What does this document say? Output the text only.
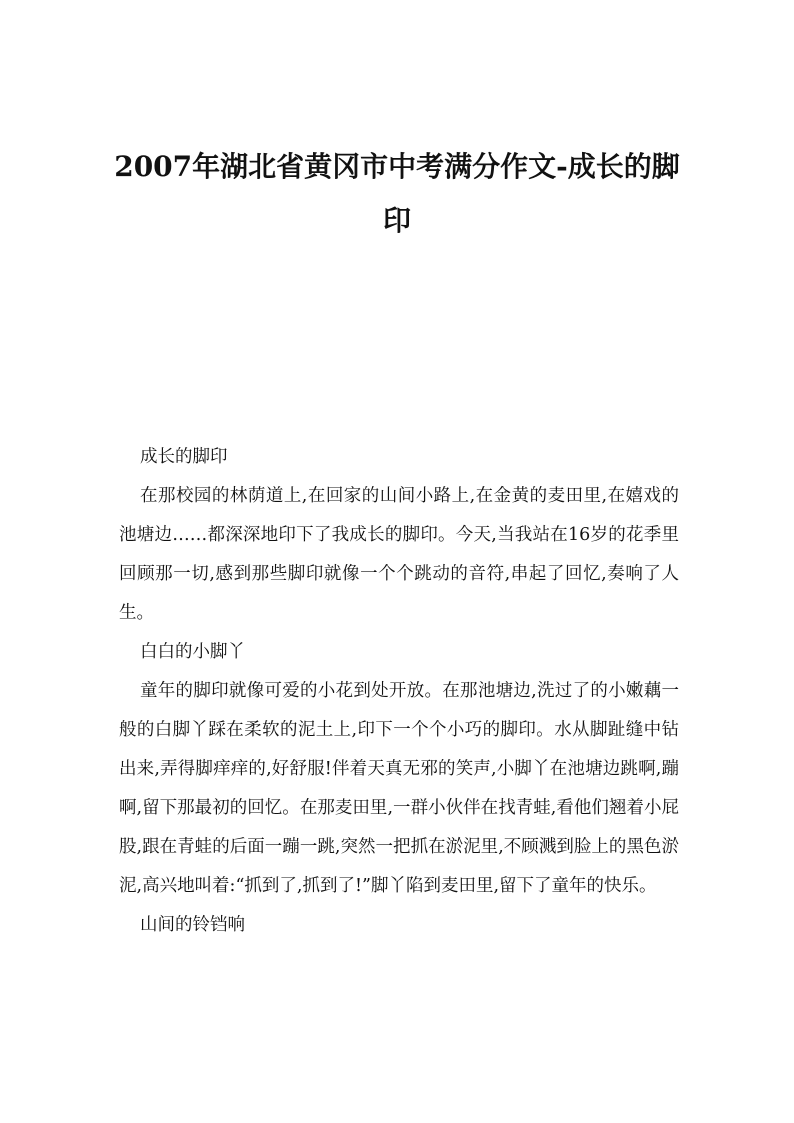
2007年湖北省黄冈市中考满分作文-成长的脚印

成长的脚印

在那校园的林荫道上,在回家的山间小路上,在金黄的麦田里,在嬉戏的池塘边……都深深地印下了我成长的脚印。今天,当我站在16岁的花季里回顾那一切,感到那些脚印就像一个个跳动的音符,串起了回忆,奏响了人生。

白白的小脚丫

童年的脚印就像可爱的小花到处开放。在那池塘边,洗过了的小嫩藕一般的白脚丫踩在柔软的泥土上,印下一个个小巧的脚印。水从脚趾缝中钻出来,弄得脚痒痒的,好舒服!伴着天真无邪的笑声,小脚丫在池塘边跳啊,蹦啊,留下那最初的回忆。在那麦田里,一群小伙伴在找青蛙,看他们翘着小屁股,跟在青蛙的后面一蹦一跳,突然一把抓在淤泥里,不顾溅到脸上的黑色淤泥,高兴地叫着:“抓到了,抓到了!”脚丫陷到麦田里,留下了童年的快乐。

山间的铃铛响
